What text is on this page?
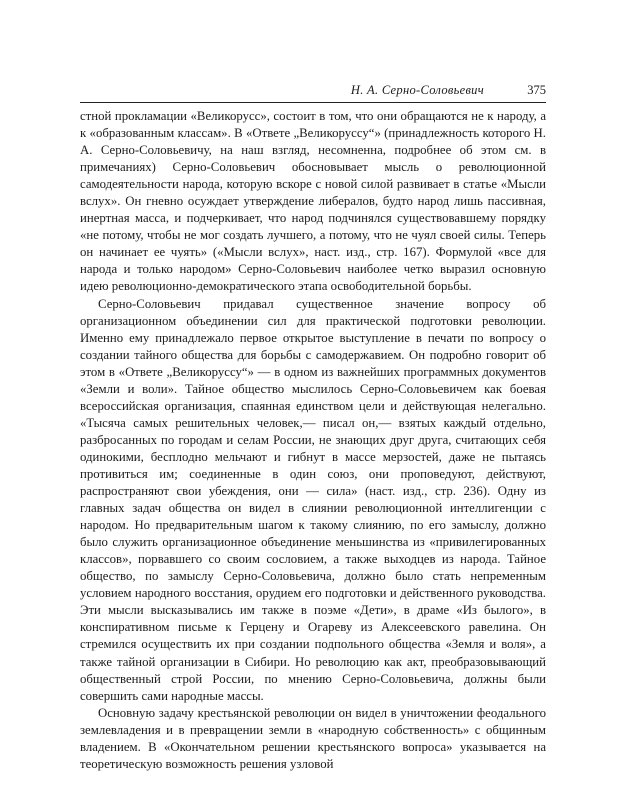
Н. А. Серно-Соловьевич	375

стной прокламации «Великорусс», состоит в том, что они обращаются не к народу, а к «образованным классам». В «Ответе „Великоруссу“» (принадлежность которого Н. А. Серно-Соловьевичу, на наш взгляд, несомненна, подробнее об этом см. в примечаниях) Серно-Соловьевич обосновывает мысль о революционной самодеятельности народа, которую вскоре с новой силой развивает в статье «Мысли вслух». Он гневно осуждает утверждение либералов, будто народ лишь пассивная, инертная масса, и подчеркивает, что народ подчинялся существовавшему порядку «не потому, чтобы не мог создать лучшего, а потому, что не чуял своей силы. Теперь он начинает ее чуять» («Мысли вслух», наст. изд., стр. 167). Формулой «все для народа и только народом» Серно-Соловьевич наиболее четко выразил основную идею революционно-демократического этапа освободительной борьбы.

Серно-Соловьевич придавал существенное значение вопросу об организационном объединении сил для практической подготовки революции. Именно ему принадлежало первое открытое выступление в печати по вопросу о создании тайного общества для борьбы с самодержавием. Он подробно говорит об этом в «Ответе „Великоруссу“» — в одном из важнейших программных документов «Земли и воли». Тайное общество мыслилось Серно-Соловьевичем как боевая всероссийская организация, спаянная единством цели и действующая нелегально. «Тысяча самых решительных человек,— писал он,— взятых каждый отдельно, разбросанных по городам и селам России, не знающих друг друга, считающих себя одинокими, бесплодно мельчают и гибнут в массе мерзостей, даже не пытаясь противиться им; соединенные в один союз, они проповедуют, действуют, распространяют свои убеждения, они — сила» (наст. изд., стр. 236). Одну из главных задач общества он видел в слиянии революционной интеллигенции с народом. Но предварительным шагом к такому слиянию, по его замыслу, должно было служить организационное объединение меньшинства из «привилегированных классов», порвавшего со своим сословием, а также выходцев из народа. Тайное общество, по замыслу Серно-Соловьевича, должно было стать непременным условием народного восстания, орудием его подготовки и действенного руководства. Эти мысли высказывались им также в поэме «Дети», в драме «Из былого», в конспиративном письме к Герцену и Огареву из Алексеевского равелина. Он стремился осуществить их при создании подпольного общества «Земля и воля», а также тайной организации в Сибири. Но революцию как акт, преобразовывающий общественный строй России, по мнению Серно-Соловьевича, должны были совершить сами народные массы.

Основную задачу крестьянской революции он видел в уничтожении феодального землевладения и в превращении земли в «народную собственность» с общинным владением. В «Окончательном решении крестьянского вопроса» указывается на теоретическую возможность решения узловой
